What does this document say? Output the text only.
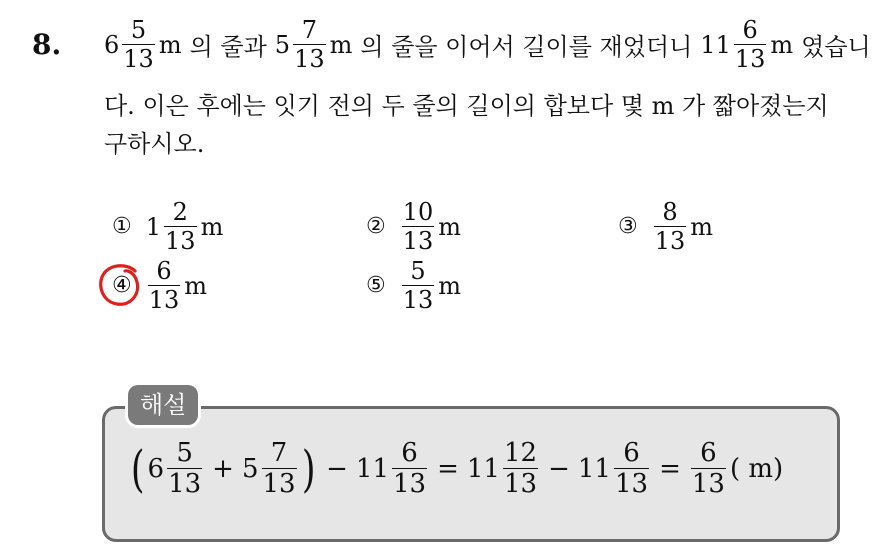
8. $6 \frac{5}{13}$ m 의 줄과 $5 \frac{7}{13}$ m 의 줄을 이어서 길이를 재었더니 $11 \frac{6}{13}$ m 였습니
다. 이은 후에는 잇기 전의 두 줄의 길이의 합보다 몇 m 가 짧아졌는지
구하시오.
① $1 \frac{2}{13}$ m	② $\frac{10}{13}$ m	③ $\frac{8}{13}$ m
④ $\frac{6}{13}$ m	⑤ $\frac{5}{13}$ m
해설
( $6 \frac{5}{13} + 5 \frac{7}{13}$ ) − $11 \frac{6}{13} = 11 \frac{12}{13} - 11 \frac{6}{13} = \frac{6}{13}$ ( m)
